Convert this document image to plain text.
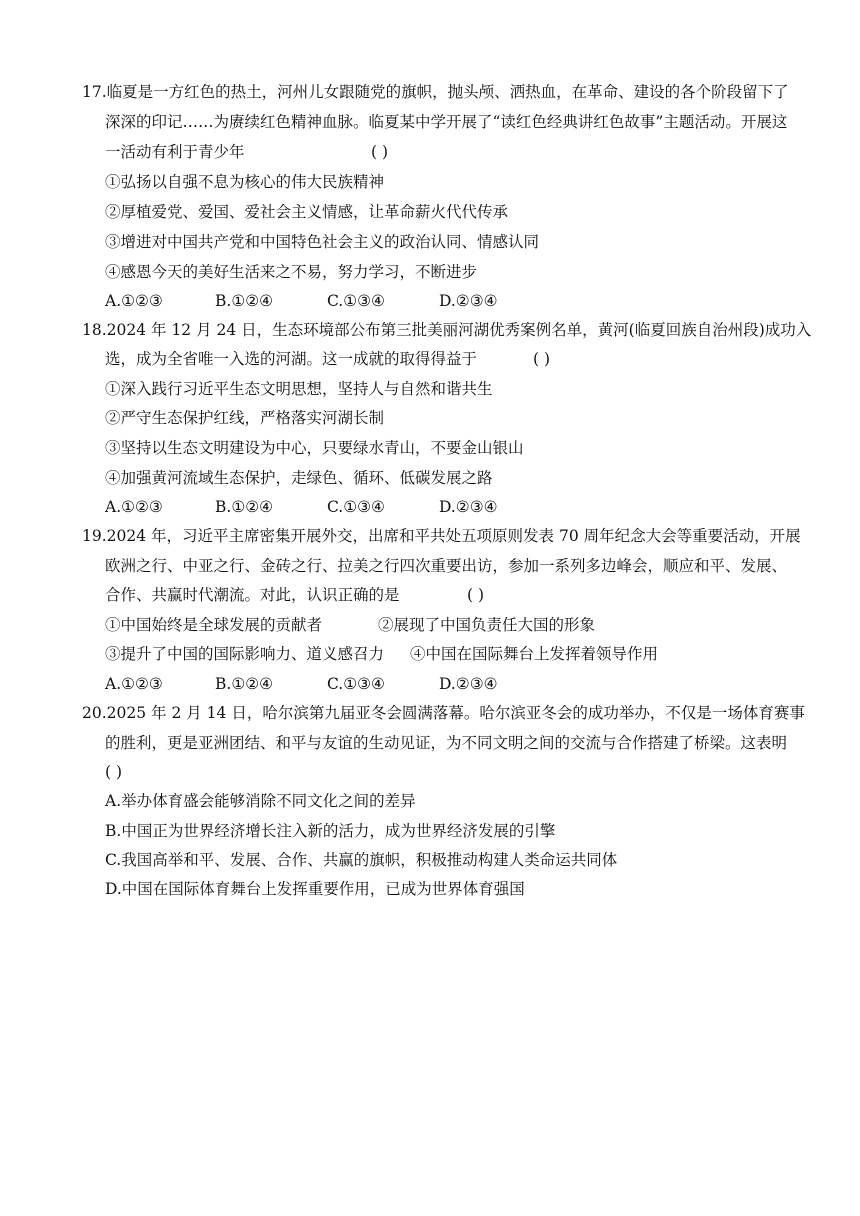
17.临夏是一方红色的热土，河州儿女跟随党的旗帜，抛头颅、洒热血，在革命、建设的各个阶段留下了
深深的印记……为赓续红色精神血脉。临夏某中学开展了“读红色经典讲红色故事”主题活动。开展这
一活动有利于青少年	( )
①弘扬以自强不息为核心的伟大民族精神
②厚植爱党、爱国、爱社会主义情感，让革命薪火代代传承
③增进对中国共产党和中国特色社会主义的政治认同、情感认同
④感恩今天的美好生活来之不易，努力学习，不断进步
A.①②③	B.①②④	C.①③④	D.②③④
18.2024 年 12 月 24 日，生态环境部公布第三批美丽河湖优秀案例名单，黄河(临夏回族自治州段)成功入
选，成为全省唯一入选的河湖。这一成就的取得得益于	( )
①深入践行习近平生态文明思想，坚持人与自然和谐共生
②严守生态保护红线，严格落实河湖长制
③坚持以生态文明建设为中心，只要绿水青山，不要金山银山
④加强黄河流域生态保护，走绿色、循环、低碳发展之路
A.①②③	B.①②④	C.①③④	D.②③④
19.2024 年，习近平主席密集开展外交，出席和平共处五项原则发表 70 周年纪念大会等重要活动，开展
欧洲之行、中亚之行、金砖之行、拉美之行四次重要出访，参加一系列多边峰会，顺应和平、发展、
合作、共赢时代潮流。对此，认识正确的是	( )
①中国始终是全球发展的贡献者	②展现了中国负责任大国的形象
③提升了中国的国际影响力、道义感召力 ④中国在国际舞台上发挥着领导作用
A.①②③	B.①②④	C.①③④	D.②③④
20.2025 年 2 月 14 日，哈尔滨第九届亚冬会圆满落幕。哈尔滨亚冬会的成功举办，不仅是一场体育赛事
的胜利，更是亚洲团结、和平与友谊的生动见证，为不同文明之间的交流与合作搭建了桥梁。这表明
( )
A.举办体育盛会能够消除不同文化之间的差异
B.中国正为世界经济增长注入新的活力，成为世界经济发展的引擎
C.我国高举和平、发展、合作、共赢的旗帜，积极推动构建人类命运共同体
D.中国在国际体育舞台上发挥重要作用，已成为世界体育强国
